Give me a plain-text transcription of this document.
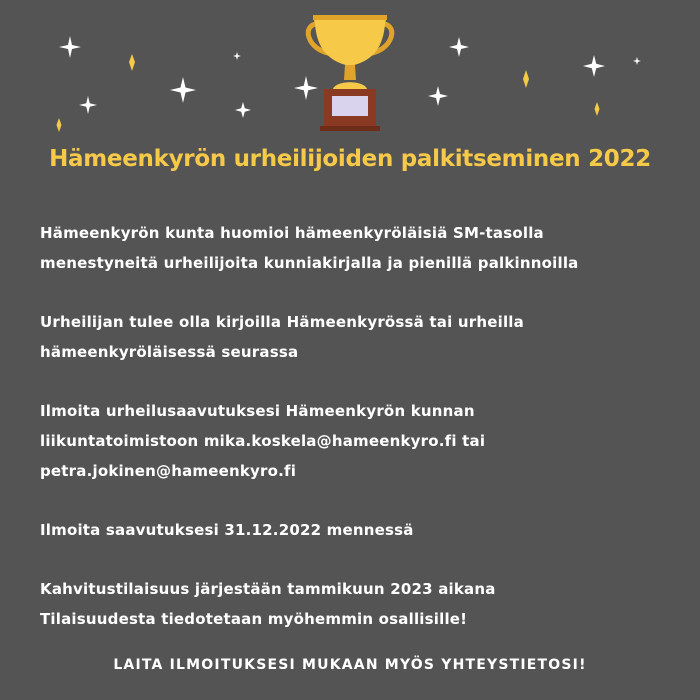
Hämeenkyrön urheilijoiden palkitseminen 2022

Hämeenkyrön kunta huomioi hämeenkyröläisiä SM-tasolla
menestyneitä urheilijoita kunniakirjalla ja pienillä palkinnoilla

Urheilijan tulee olla kirjoilla Hämeenkyrössä tai urheilla
hämeenkyröläisessä seurassa

Ilmoita urheilusaavutuksesi Hämeenkyrön kunnan
liikuntatoimistoon mika.koskela@hameenkyro.fi tai
petra.jokinen@hameenkyro.fi

Ilmoita saavutuksesi 31.12.2022 mennessä

Kahvitustilaisuus järjestään tammikuun 2023 aikana
Tilaisuudesta tiedotetaan myöhemmin osallisille!

LAITA ILMOITUKSESI MUKAAN MYÖS YHTEYSTIETOSI!
